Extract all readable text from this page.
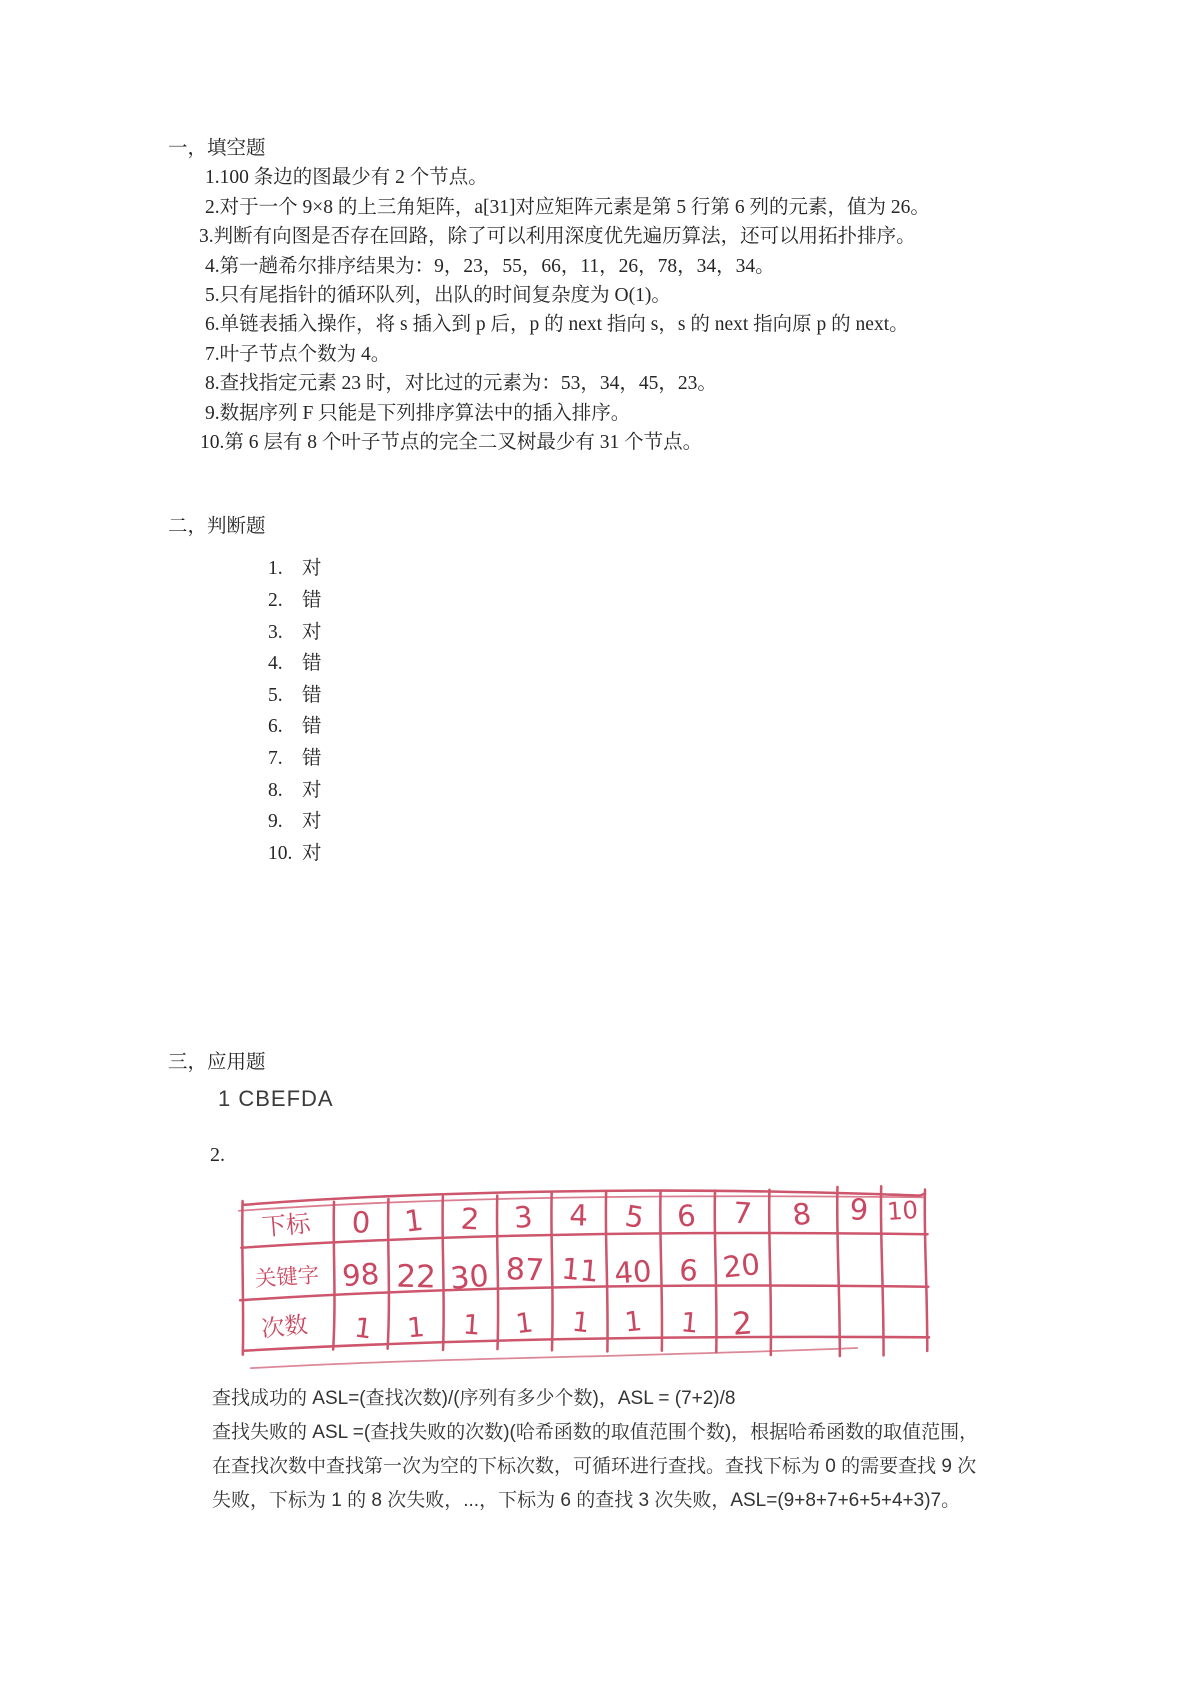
一，填空题
1.100 条边的图最少有 2 个节点。
2.对于一个 9×8 的上三角矩阵，a[31]对应矩阵元素是第 5 行第 6 列的元素，值为 26。
3.判断有向图是否存在回路，除了可以利用深度优先遍历算法，还可以用拓扑排序。
4.第一趟希尔排序结果为：9，23，55，66，11，26，78，34，34。
5.只有尾指针的循环队列，出队的时间复杂度为 O(1)。
6.单链表插入操作，将 s 插入到 p 后，p 的 next 指向 s，s 的 next 指向原 p 的 next。
7.叶子节点个数为 4。
8.查找指定元素 23 时，对比过的元素为：53，34，45，23。
9.数据序列 F 只能是下列排序算法中的插入排序。
10.第 6 层有 8 个叶子节点的完全二叉树最少有 31 个节点。
二，判断题
1. 对
2. 错
3. 对
4. 错
5. 错
6. 错
7. 错
8. 对
9. 对
10. 对
三，应用题
1 CBEFDA
2.
下标
关键字
次数
0 1 2 3 4 5 6 7 8 9 10
98 22 30 87 11 40 6 20
1 1 1 1 1 1 1 2
查找成功的 ASL=(查找次数)/(序列有多少个数)，ASL = (7+2)/8
查找失败的 ASL =(查找失败的次数)(哈希函数的取值范围个数)，根据哈希函数的取值范围，
在查找次数中查找第一次为空的下标次数，可循环进行查找。查找下标为 0 的需要查找 9 次
失败，下标为 1 的 8 次失败，...，下标为 6 的查找 3 次失败，ASL=(9+8+7+6+5+4+3)7。
